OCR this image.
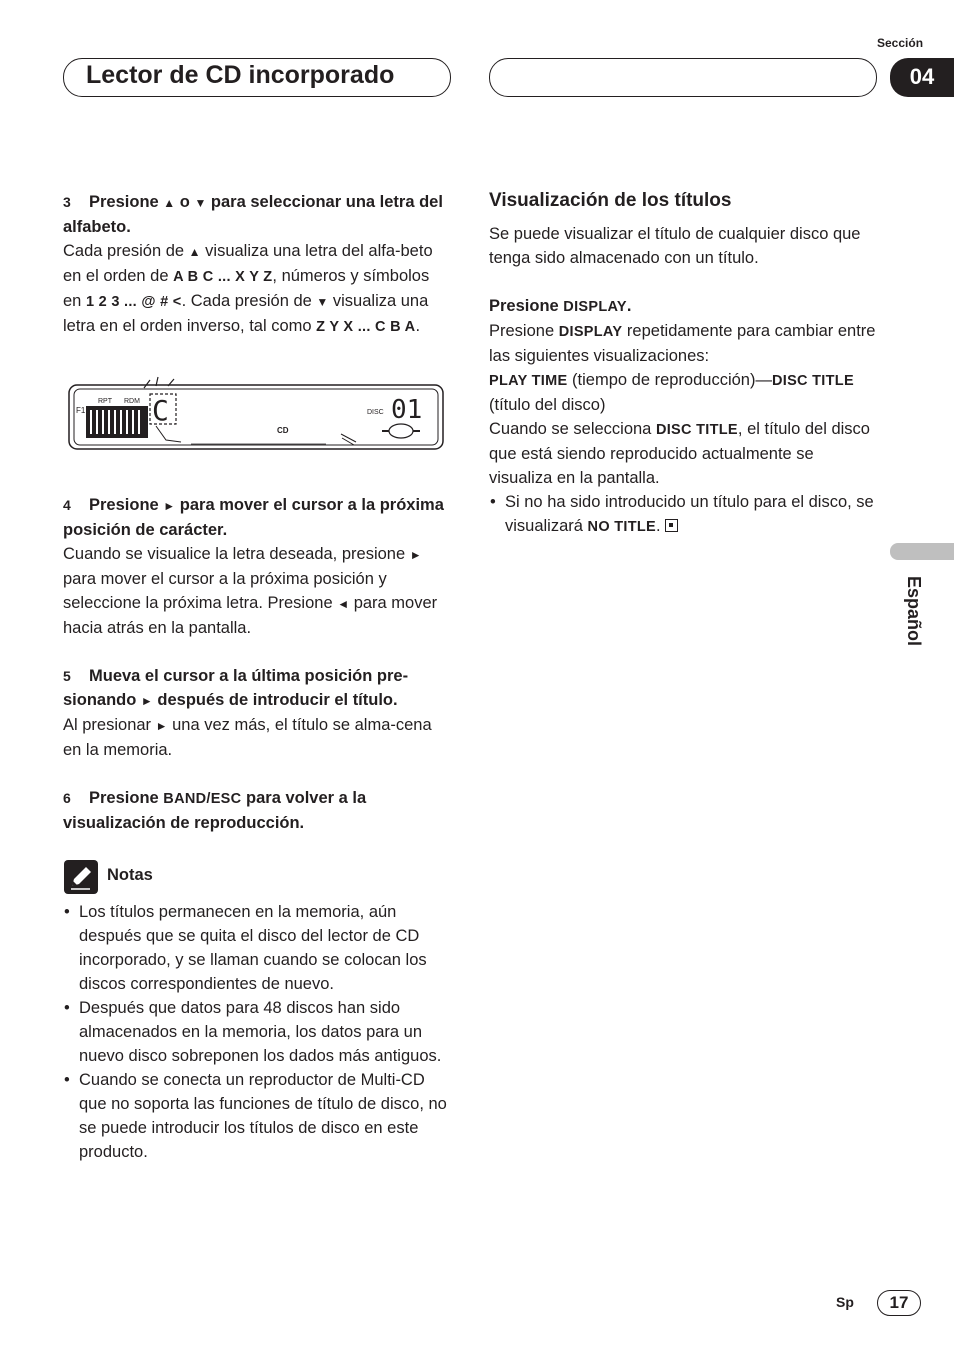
Lector de CD incorporado
Sección
04

3 Presione ▲ o ▼ para seleccionar una letra del alfabeto.

Cada presión de ▲ visualiza una letra del alfa-beto en el orden de A B C ... X Y Z, números y símbolos en 1 2 3 ... @ # <. Cada presión de ▼ visualiza una letra en el orden inverso, tal como Z Y X ... C B A.

F1
RPT RDM C
CD
DISC 01

4 Presione ► para mover el cursor a la próxima posición de carácter.

Cuando se visualice la letra deseada, presione ► para mover el cursor a la próxima posición y seleccione la próxima letra. Presione ◄ para mover hacia atrás en la pantalla.

5 Mueva el cursor a la última posición pre-sionando ► después de introducir el título.

Al presionar ► una vez más, el título se alma-cena en la memoria.

6 Presione BAND/ESC para volver a la visualización de reproducción.

Notas

• Los títulos permanecen en la memoria, aún después que se quita el disco del lector de CD incorporado, y se llaman cuando se colocan los discos correspondientes de nuevo.

• Después que datos para 48 discos han sido almacenados en la memoria, los datos para un nuevo disco sobreponen los dados más antiguos.

• Cuando se conecta un reproductor de Multi-CD que no soporta las funciones de título de disco, no se puede introducir los títulos de disco en este producto.

Visualización de los títulos

Se puede visualizar el título de cualquier disco que tenga sido almacenado con un título.

Presione DISPLAY.

Presione DISPLAY repetidamente para cambiar entre las siguientes visualizaciones:

PLAY TIME (tiempo de reproducción)—DISC TITLE (título del disco)

Cuando se selecciona DISC TITLE, el título del disco que está siendo reproducido actualmente se visualiza en la pantalla.

• Si no ha sido introducido un título para el disco, se visualizará NO TITLE.

Español
Sp	17
